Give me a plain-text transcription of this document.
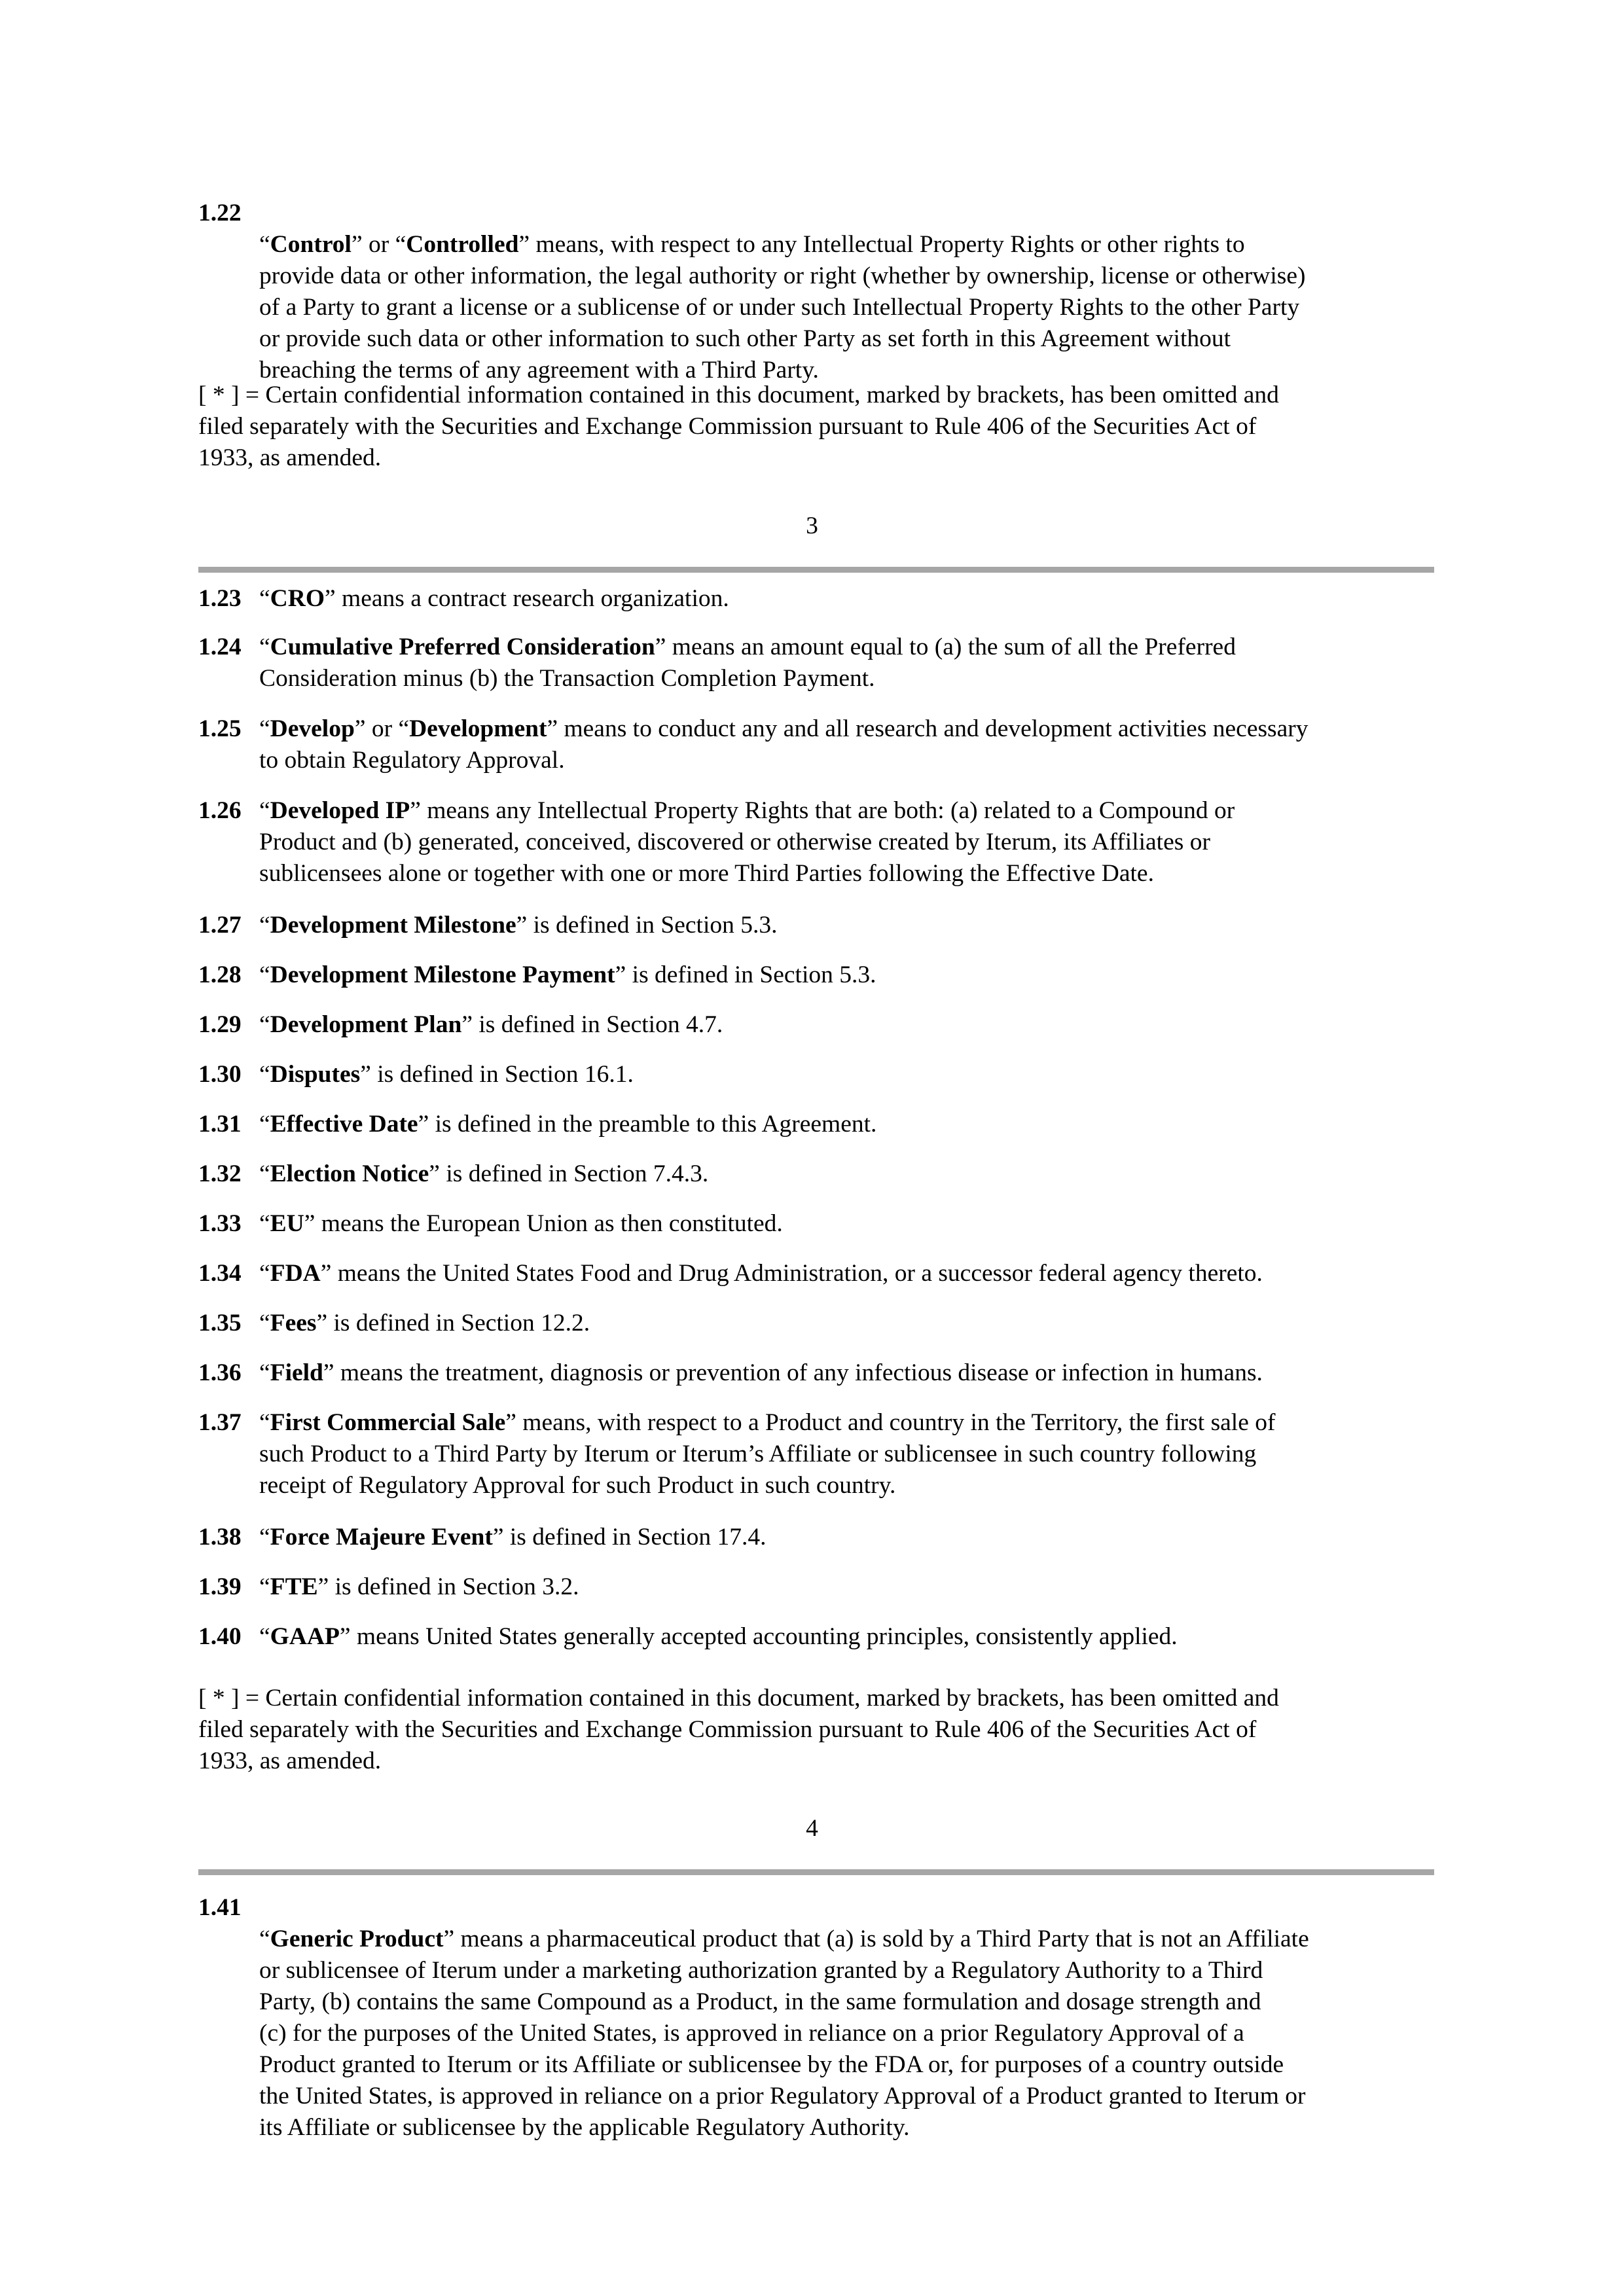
1.22

“Control” or “Controlled” means, with respect to any Intellectual Property Rights or other rights to
provide data or other information, the legal authority or right (whether by ownership, license or otherwise)
of a Party to grant a license or a sublicense of or under such Intellectual Property Rights to the other Party
or provide such data or other information to such other Party as set forth in this Agreement without
breaching the terms of any agreement with a Third Party.

[ * ] = Certain confidential information contained in this document, marked by brackets, has been omitted and
filed separately with the Securities and Exchange Commission pursuant to Rule 406 of the Securities Act of
1933, as amended.
3
1.23 “CRO” means a contract research organization.
1.24 “Cumulative Preferred Consideration” means an amount equal to (a) the sum of all the Preferred
Consideration minus (b) the Transaction Completion Payment.
1.25 “Develop” or “Development” means to conduct any and all research and development activities necessary
to obtain Regulatory Approval.
1.26 “Developed IP” means any Intellectual Property Rights that are both: (a) related to a Compound or
Product and (b) generated, conceived, discovered or otherwise created by Iterum, its Affiliates or
sublicensees alone or together with one or more Third Parties following the Effective Date.
1.27 “Development Milestone” is defined in Section 5.3.
1.28 “Development Milestone Payment” is defined in Section 5.3.
1.29 “Development Plan” is defined in Section 4.7.
1.30 “Disputes” is defined in Section 16.1.
1.31 “Effective Date” is defined in the preamble to this Agreement.
1.32 “Election Notice” is defined in Section 7.4.3.
1.33 “EU” means the European Union as then constituted.
1.34 “FDA” means the United States Food and Drug Administration, or a successor federal agency thereto.
1.35 “Fees” is defined in Section 12.2.
1.36 “Field” means the treatment, diagnosis or prevention of any infectious disease or infection in humans.
1.37 “First Commercial Sale” means, with respect to a Product and country in the Territory, the first sale of
such Product to a Third Party by Iterum or Iterum’s Affiliate or sublicensee in such country following
receipt of Regulatory Approval for such Product in such country.
1.38 “Force Majeure Event” is defined in Section 17.4.
1.39 “FTE” is defined in Section 3.2.
1.40 “GAAP” means United States generally accepted accounting principles, consistently applied.
[ * ] = Certain confidential information contained in this document, marked by brackets, has been omitted and
filed separately with the Securities and Exchange Commission pursuant to Rule 406 of the Securities Act of
1933, as amended.
4
1.41

“Generic Product” means a pharmaceutical product that (a) is sold by a Third Party that is not an Affiliate
or sublicensee of Iterum under a marketing authorization granted by a Regulatory Authority to a Third
Party, (b) contains the same Compound as a Product, in the same formulation and dosage strength and
(c) for the purposes of the United States, is approved in reliance on a prior Regulatory Approval of a
Product granted to Iterum or its Affiliate or sublicensee by the FDA or, for purposes of a country outside
the United States, is approved in reliance on a prior Regulatory Approval of a Product granted to Iterum or
its Affiliate or sublicensee by the applicable Regulatory Authority.
